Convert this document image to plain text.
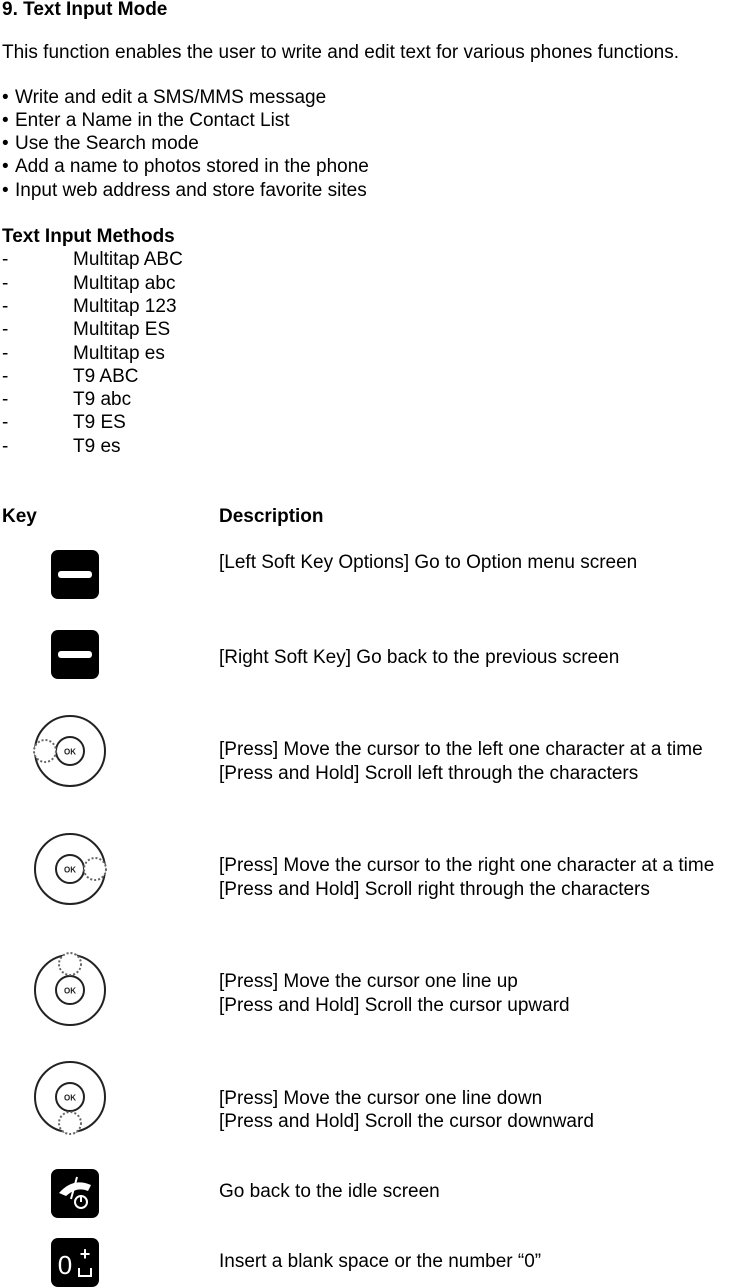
9. Text Input Mode
This function enables the user to write and edit text for various phones functions.
• Write and edit a SMS/MMS message
• Enter a Name in the Contact List
• Use the Search mode
• Add a name to photos stored in the phone
• Input web address and store favorite sites
Text Input Methods
-	Multitap ABC
-	Multitap abc
-	Multitap 123
-	Multitap ES
-	Multitap es
-	T9 ABC
-	T9 abc
-	T9 ES
-	T9 es
Key	Description
[Left Soft Key Options] Go to Option menu screen
[Right Soft Key] Go back to the previous screen
OK	[Press] Move the cursor to the left one character at a time
[Press and Hold] Scroll left through the characters
OK	[Press] Move the cursor to the right one character at a time
[Press and Hold] Scroll right through the characters
OK	[Press] Move the cursor one line up
[Press and Hold] Scroll the cursor upward
OK	[Press] Move the cursor one line down
[Press and Hold] Scroll the cursor downward
Go back to the idle screen
0 +	Insert a blank space or the number “0”
